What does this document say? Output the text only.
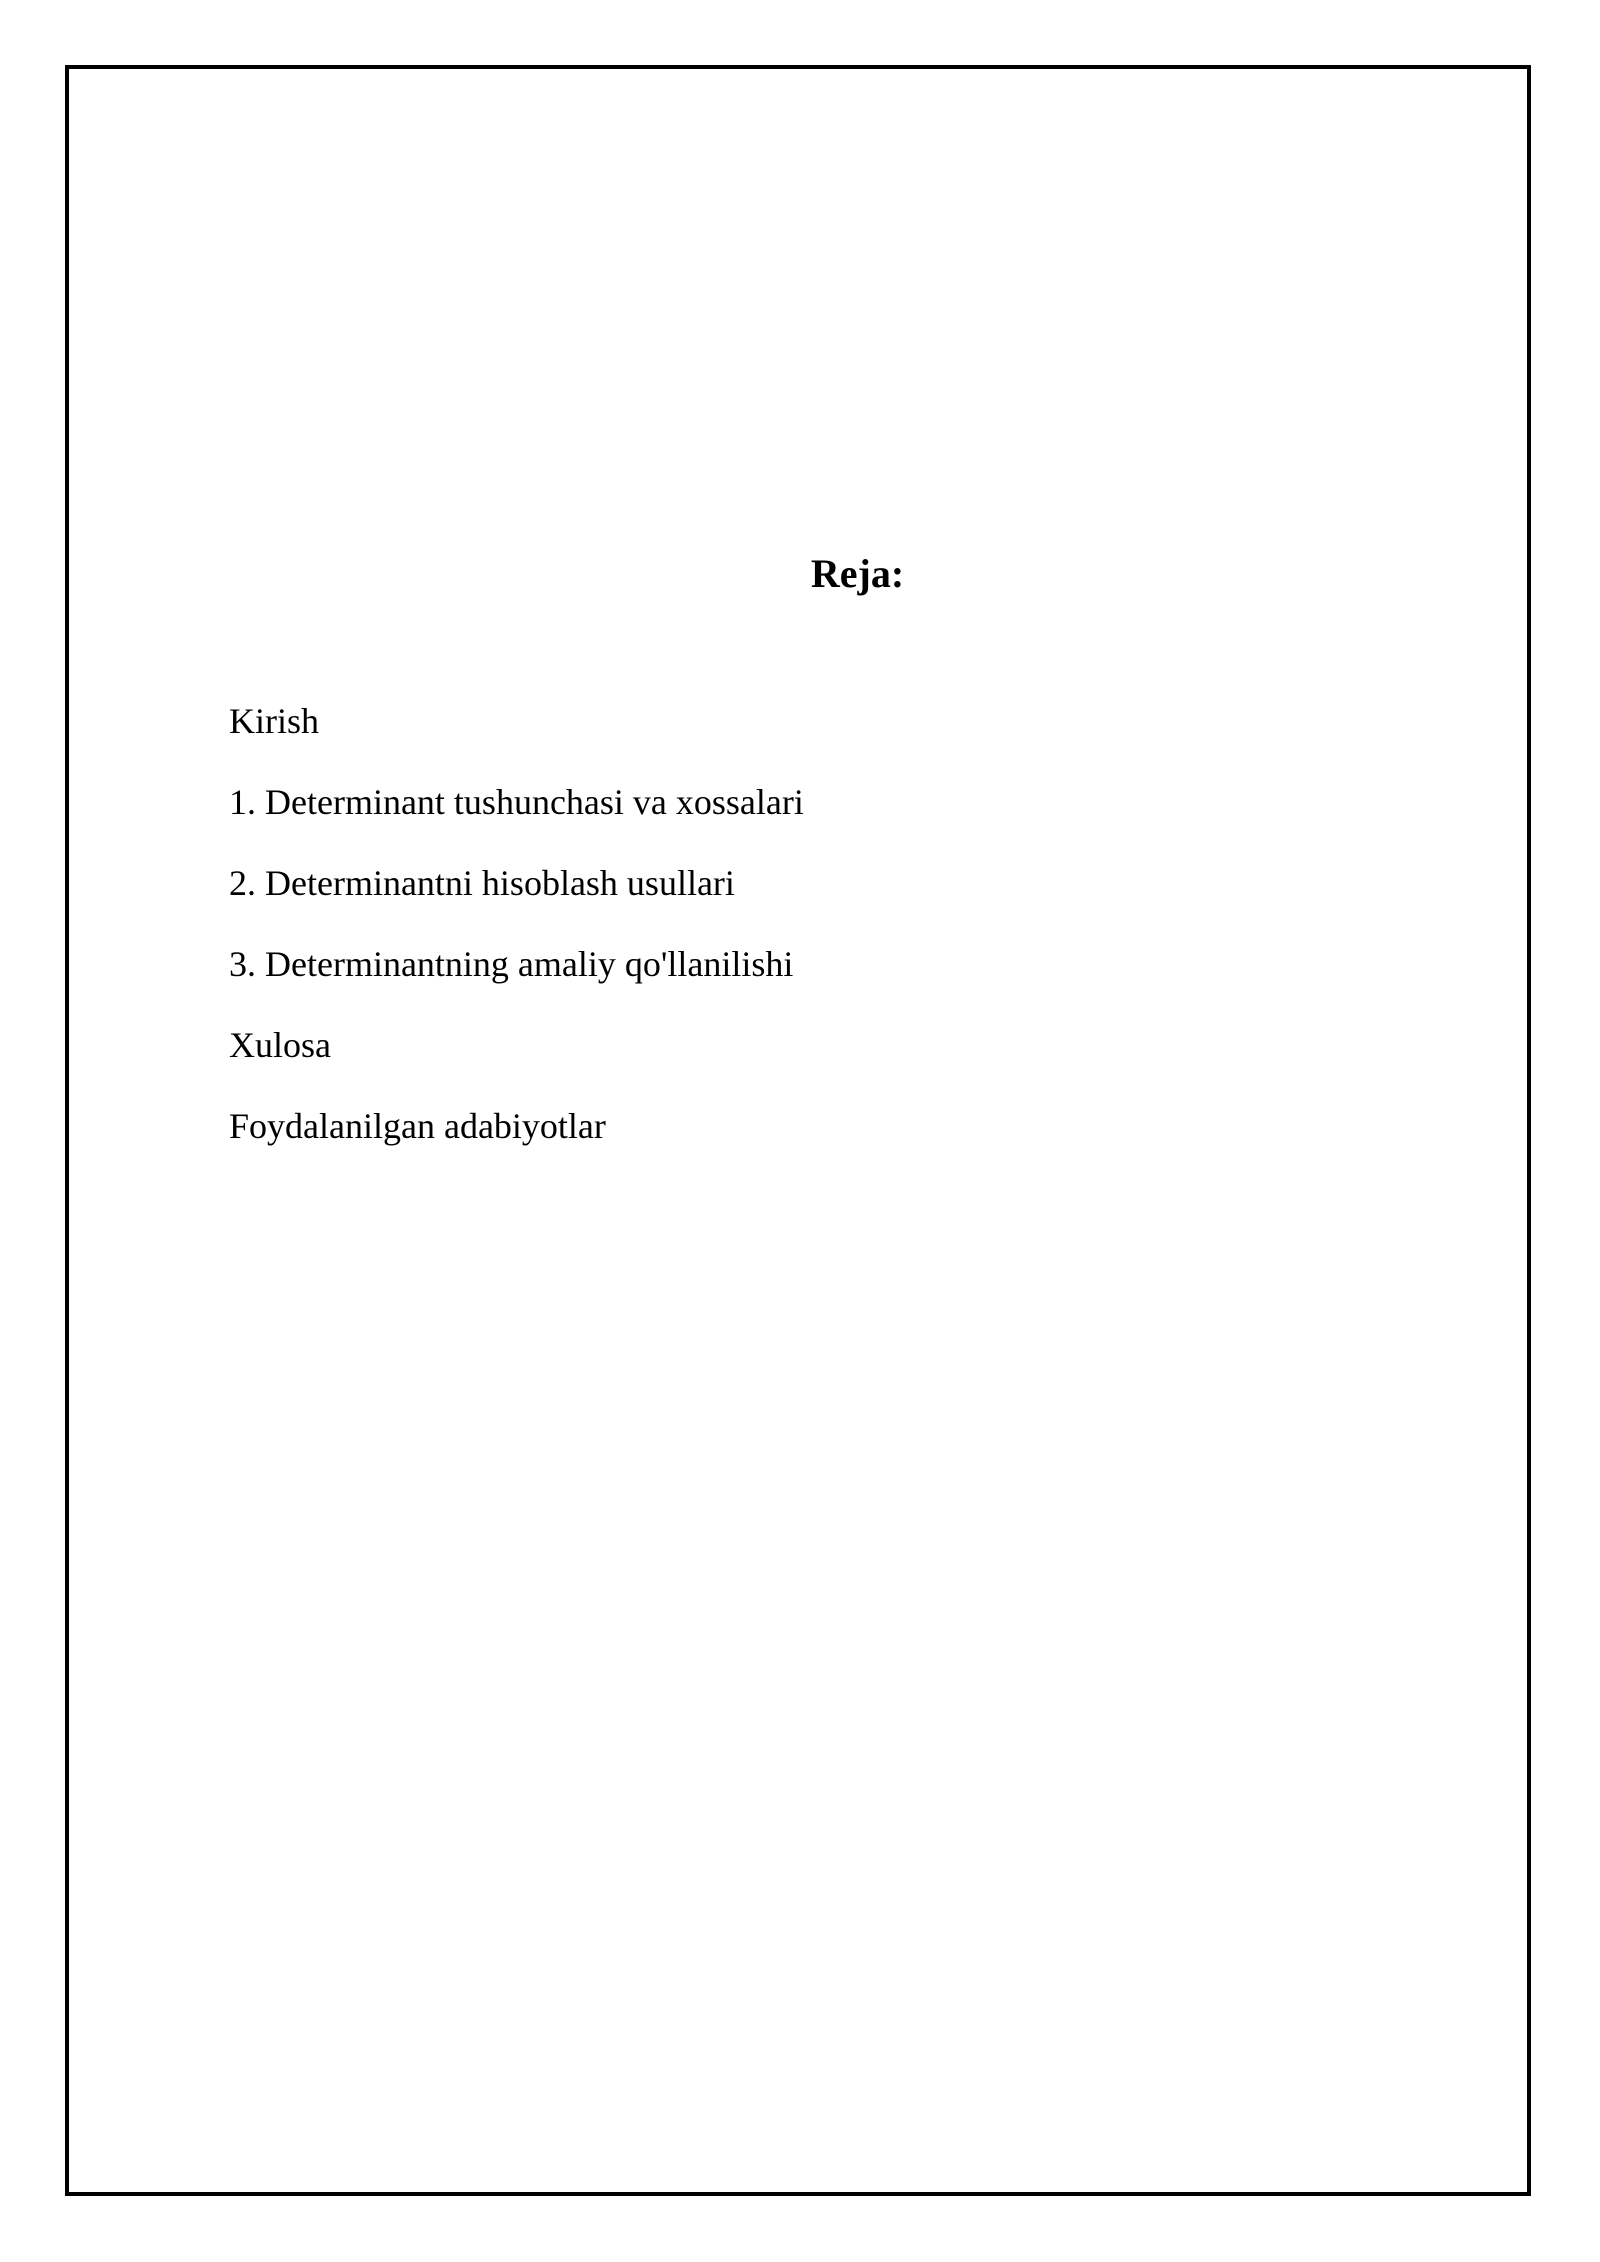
Reja:
Kirish
1. Determinant tushunchasi va xossalari
2. Determinantni hisoblash usullari
3. Determinantning amaliy qo'llanilishi
Xulosa
Foydalanilgan adabiyotlar
